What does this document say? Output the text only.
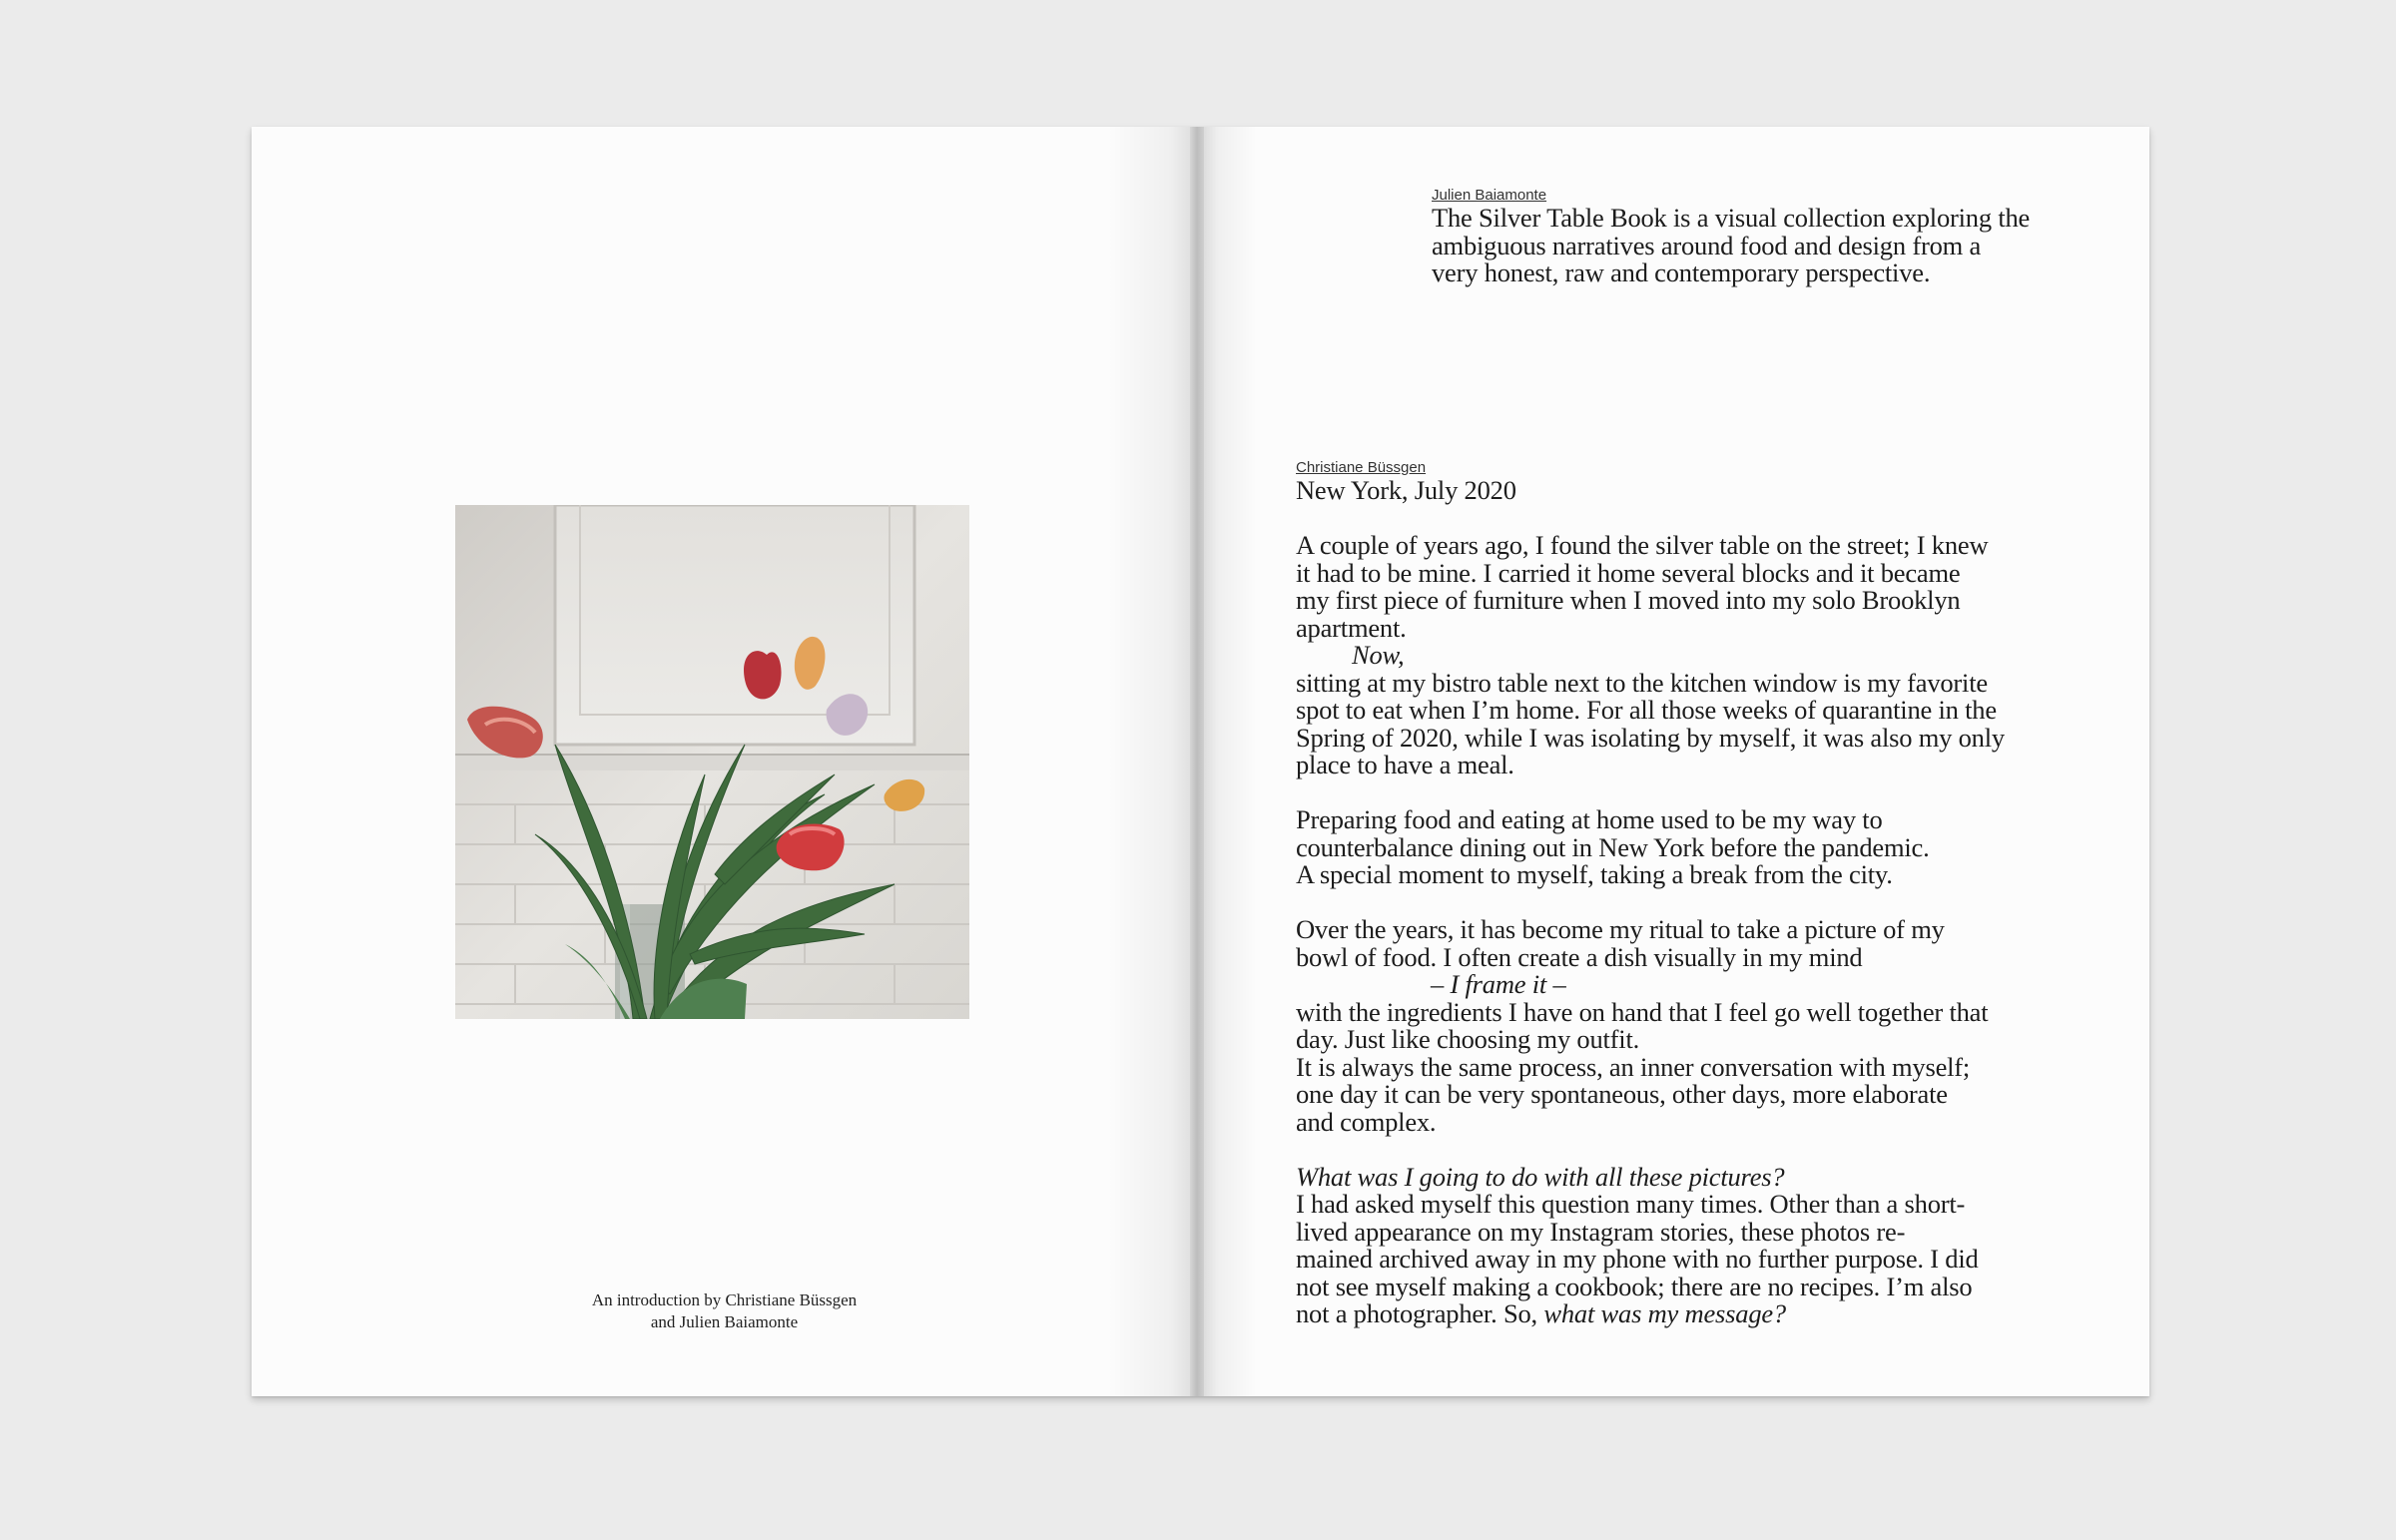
An introduction by Christiane Büssgen
and Julien Baiamonte
Julien Baiamonte

The Silver Table Book is a visual collection exploring the

ambiguous narratives around food and design from a

very honest, raw and contemporary perspective.

Christiane Büssgen

New York, July 2020

A couple of years ago, I found the silver table on the street; I knew

it had to be mine. I carried it home several blocks and it became

my first piece of furniture when I moved into my solo Brooklyn

apartment.

Now,

sitting at my bistro table next to the kitchen window is my favorite

spot to eat when I’m home. For all those weeks of quarantine in the

Spring of 2020, while I was isolating by myself, it was also my only

place to have a meal.

Preparing food and eating at home used to be my way to

counterbalance dining out in New York before the pandemic.

A special moment to myself, taking a break from the city.

Over the years, it has become my ritual to take a picture of my

bowl of food. I often create a dish visually in my mind

– I frame it –

with the ingredients I have on hand that I feel go well together that

day. Just like choosing my outfit.

It is always the same process, an inner conversation with myself;

one day it can be very spontaneous, other days, more elaborate

and complex.

What was I going to do with all these pictures?

I had asked myself this question many times. Other than a short-

lived appearance on my Instagram stories, these photos re-

mained archived away in my phone with no further purpose. I did

not see myself making a cookbook; there are no recipes. I’m also

not a photographer. So, what was my message?
